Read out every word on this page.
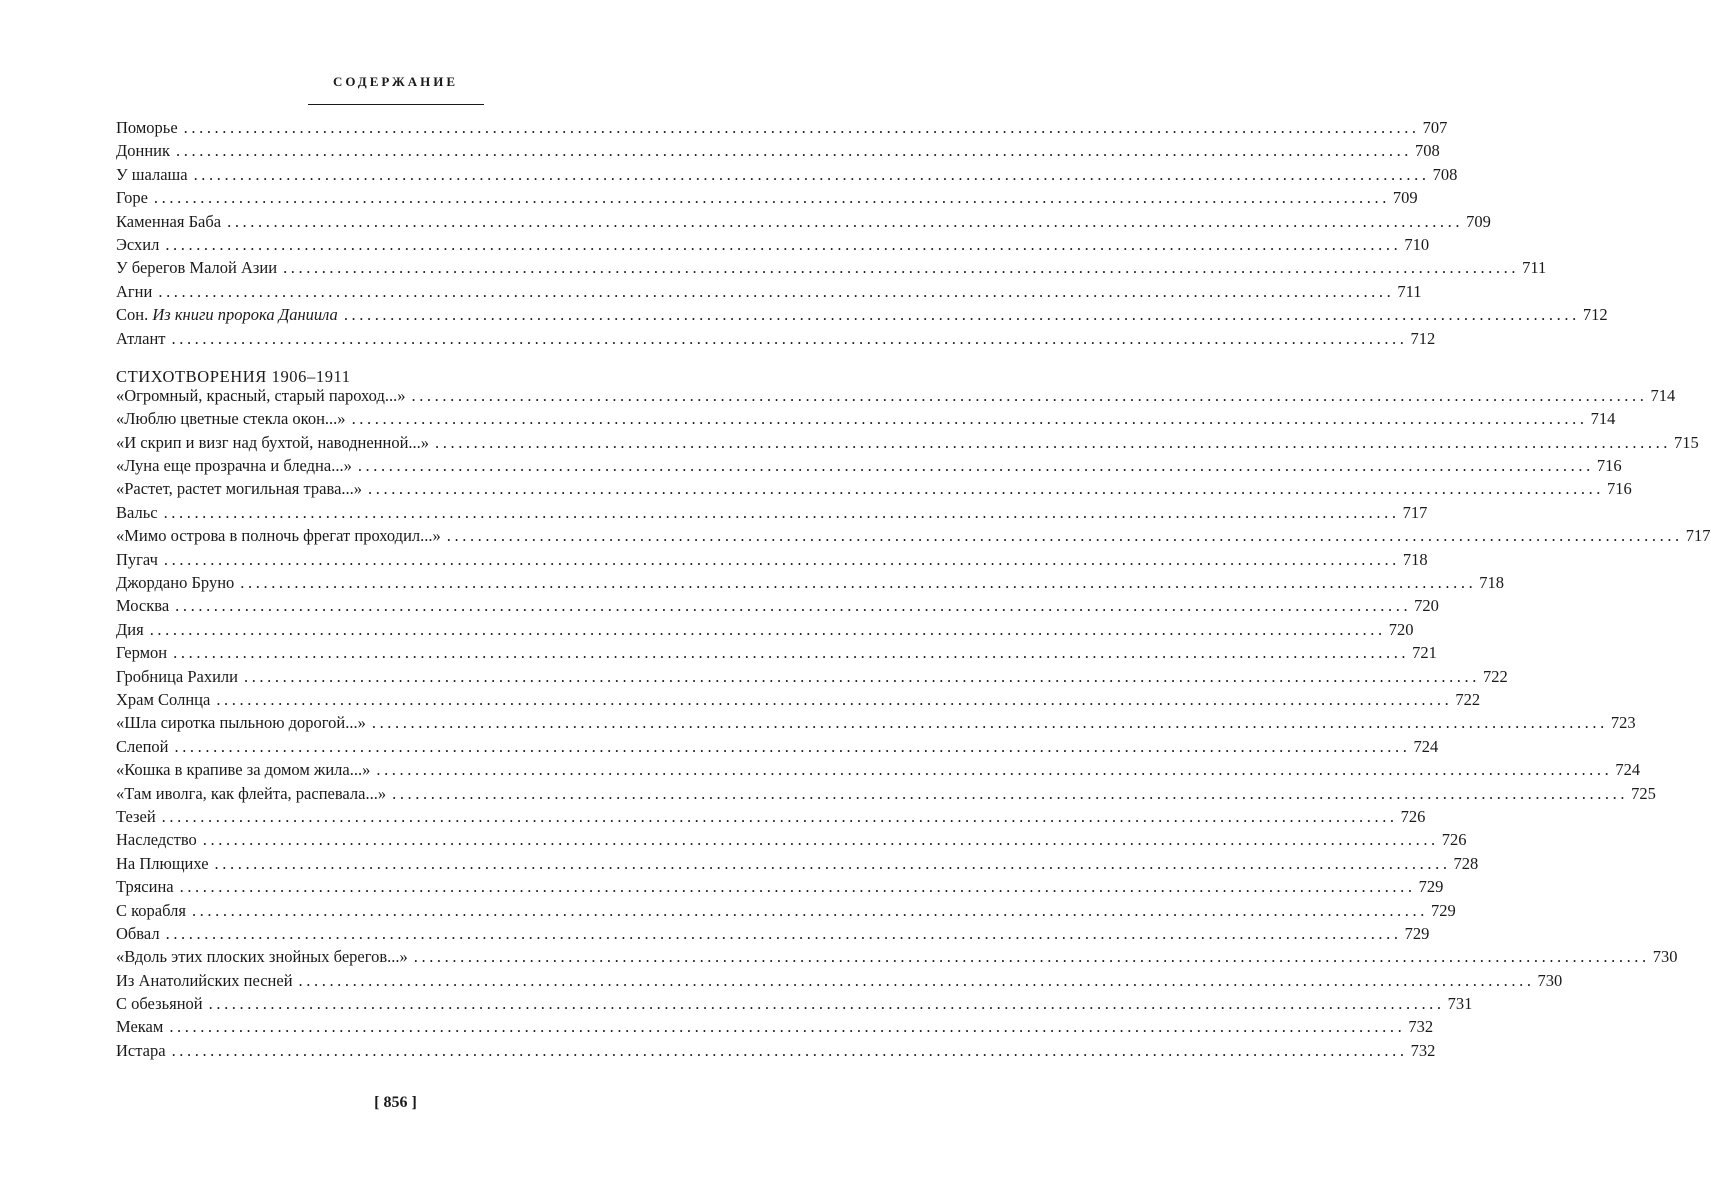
СОДЕРЖАНИЕ
Поморье ................................................................................................................................................................ 707
Донник ................................................................................................................................................................ 708
У шалаша ................................................................................................................................................................ 708
Горе ................................................................................................................................................................ 709
Каменная Баба ................................................................................................................................................................ 709
Эсхил ................................................................................................................................................................ 710
У берегов Малой Азии ................................................................................................................................................................ 711
Агни ................................................................................................................................................................ 711
Сон. Из книги пророка Даниила ................................................................................................................................................................ 712
Атлант ................................................................................................................................................................ 712
СТИХОТВОРЕНИЯ 1906–1911
«Огромный, красный, старый пароход...» ................................................................................................................................................................ 714
«Люблю цветные стекла окон...» ................................................................................................................................................................ 714
«И скрип и визг над бухтой, наводненной...» ................................................................................................................................................................ 715
«Луна еще прозрачна и бледна...» ................................................................................................................................................................ 716
«Растет, растет могильная трава...» ................................................................................................................................................................ 716
Вальс ................................................................................................................................................................ 717
«Мимо острова в полночь фрегат проходил...» ................................................................................................................................................................ 717
Пугач ................................................................................................................................................................ 718
Джордано Бруно ................................................................................................................................................................ 718
Москва ................................................................................................................................................................ 720
Дия ................................................................................................................................................................ 720
Гермон ................................................................................................................................................................ 721
Гробница Рахили ................................................................................................................................................................ 722
Храм Солнца ................................................................................................................................................................ 722
«Шла сиротка пыльною дорогой...» ................................................................................................................................................................ 723
Слепой ................................................................................................................................................................ 724
«Кошка в крапиве за домом жила...» ................................................................................................................................................................ 724
«Там иволга, как флейта, распевала...» ................................................................................................................................................................ 725
Тезей ................................................................................................................................................................ 726
Наследство ................................................................................................................................................................ 726
На Плющихе ................................................................................................................................................................ 728
Трясина ................................................................................................................................................................ 729
С корабля ................................................................................................................................................................ 729
Обвал ................................................................................................................................................................ 729
«Вдоль этих плоских знойных берегов...» ................................................................................................................................................................ 730
Из Анатолийских песней ................................................................................................................................................................ 730
С обезьяной ................................................................................................................................................................ 731
Мекам ................................................................................................................................................................ 732
Истара ................................................................................................................................................................ 732
[ 856 ]
